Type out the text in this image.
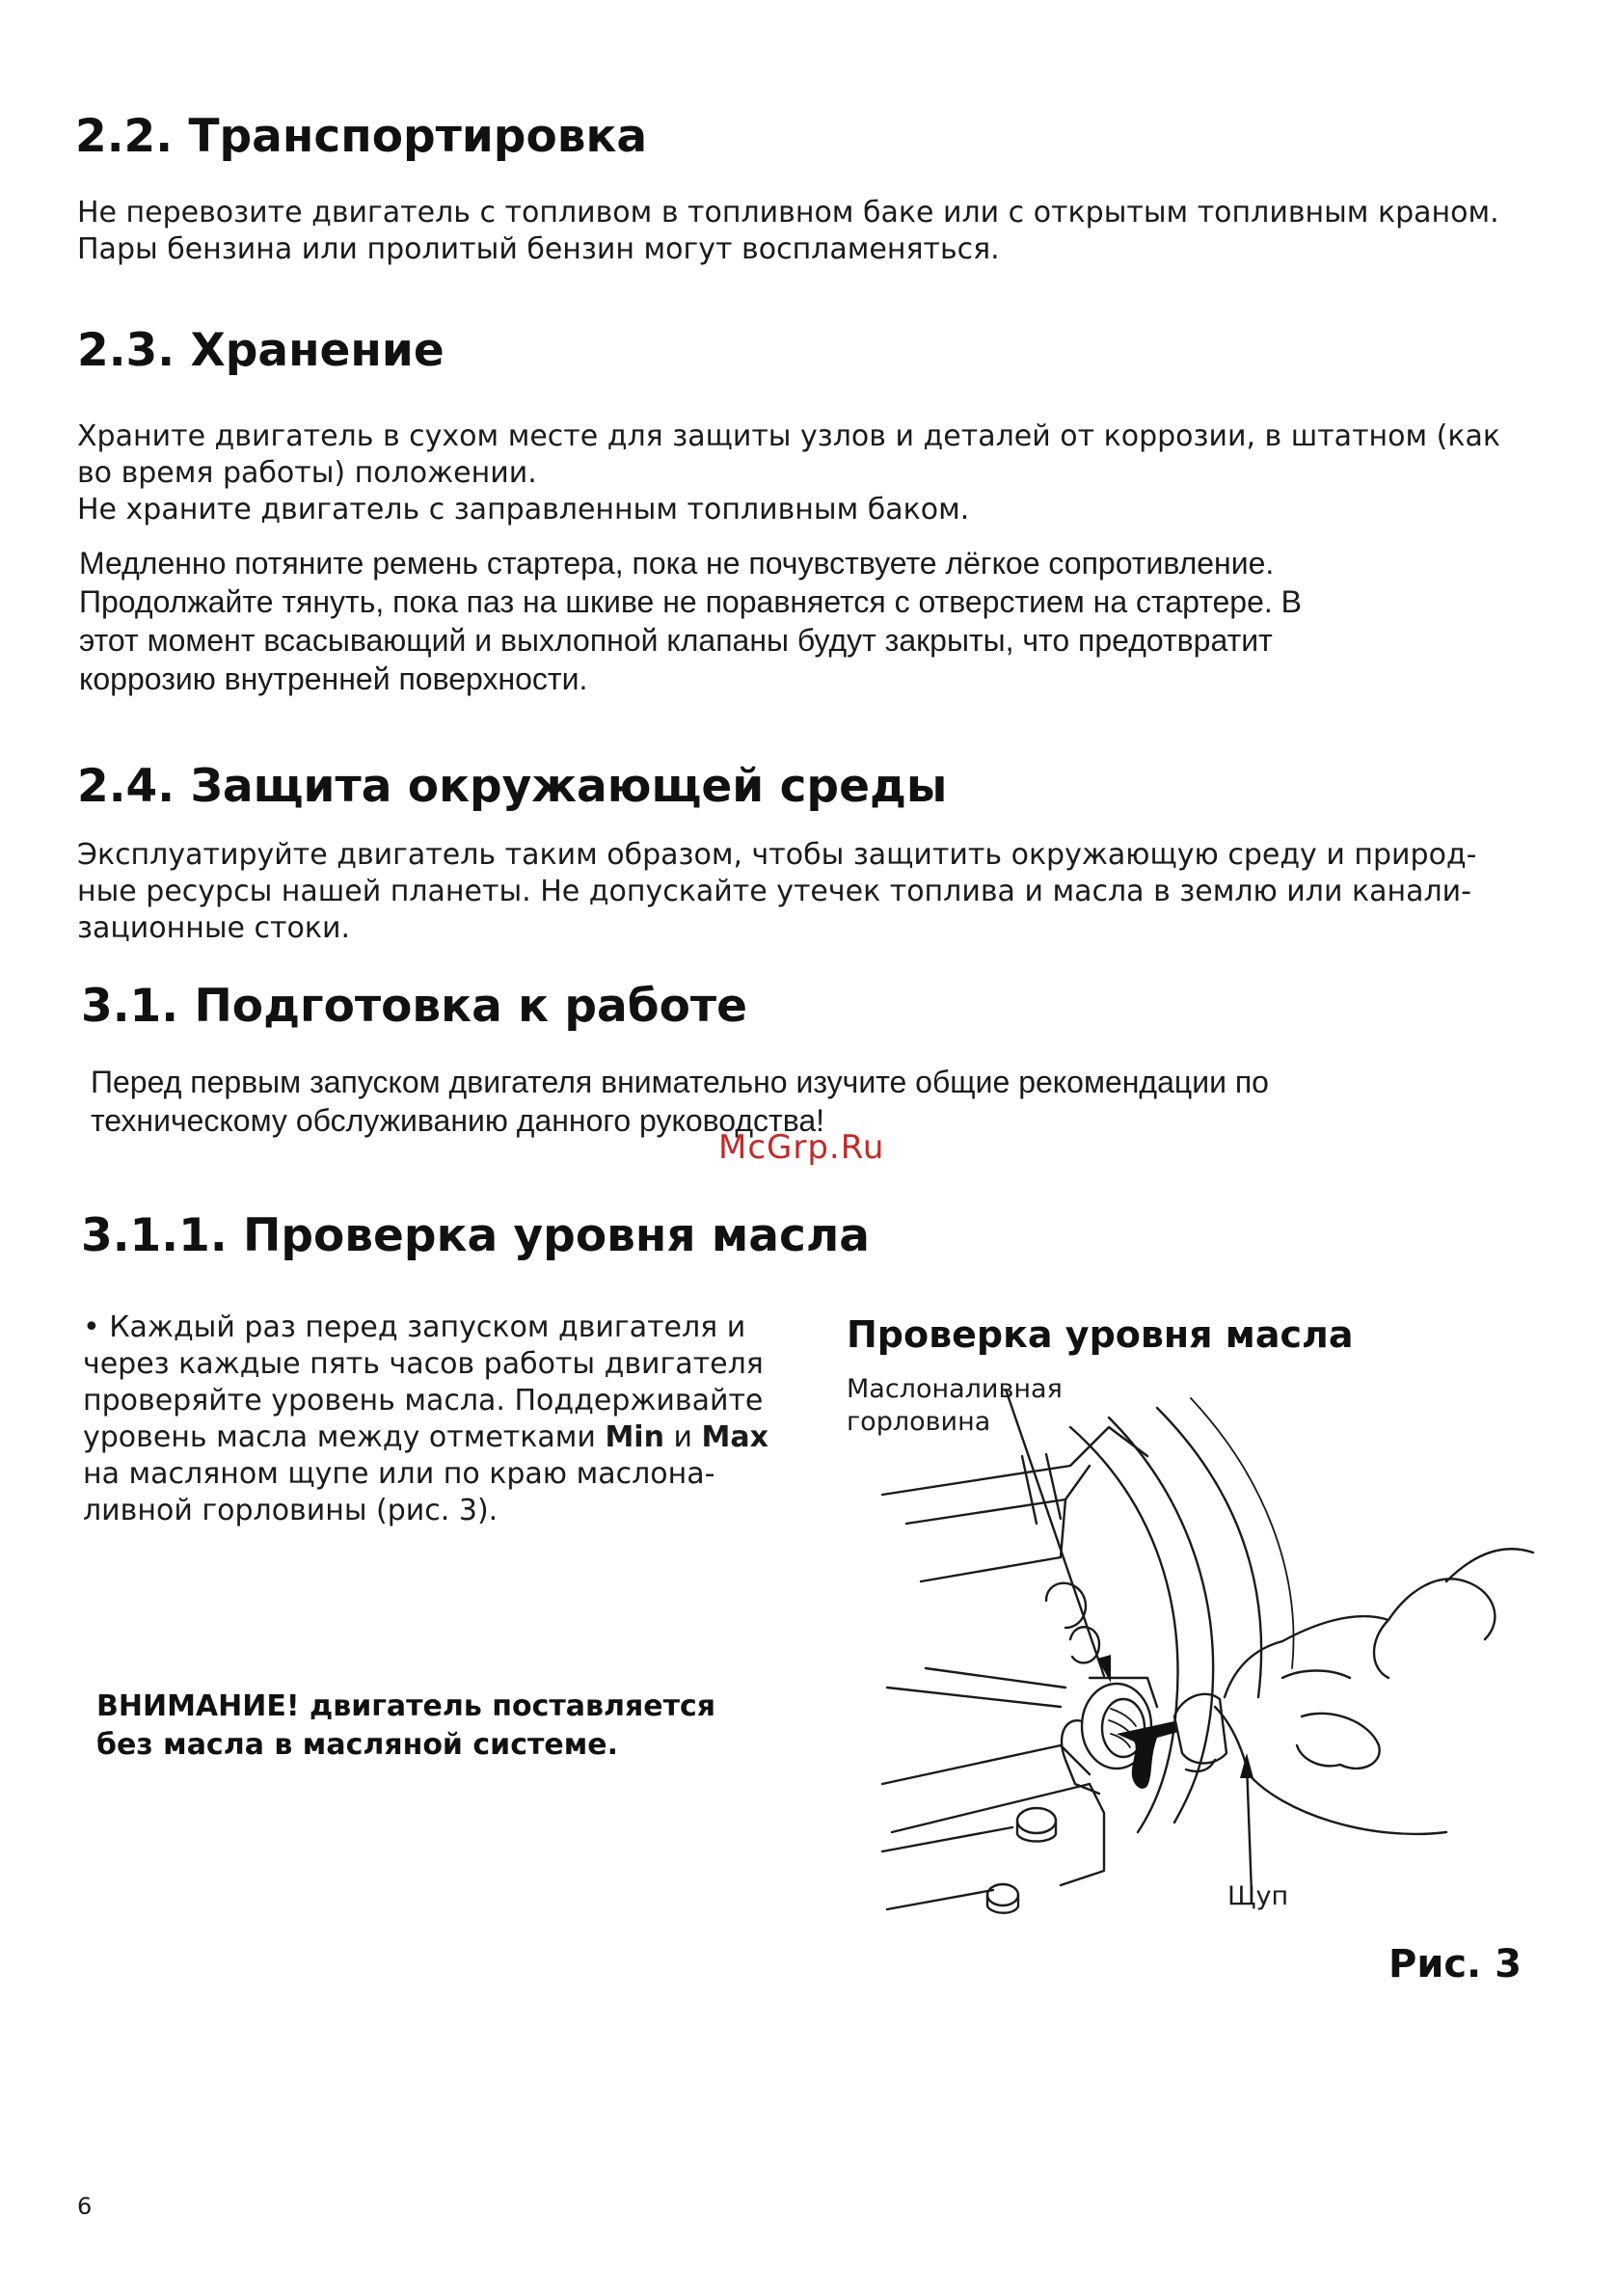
2.2. Транспортировка
Не перевозите двигатель с топливом в топливном баке или с открытым топливным краном.
Пары бензина или пролитый бензин могут воспламеняться.
2.3. Хранение
Храните двигатель в сухом месте для защиты узлов и деталей от коррозии, в штатном (как
во время работы) положении.
Не храните двигатель с заправленным топливным баком.
Медленно потяните ремень стартера, пока не почувствуете лёгкое сопротивление.
Продолжайте тянуть, пока паз на шкиве не поравняется с отверстием на стартере. В
этот момент всасывающий и выхлопной клапаны будут закрыты, что предотвратит
коррозию внутренней поверхности.
2.4. Защита окружающей среды
Эксплуатируйте двигатель таким образом, чтобы защитить окружающую среду и природ-
ные ресурсы нашей планеты. Не допускайте утечек топлива и масла в землю или канали-
зационные стоки.
3.1. Подготовка к работе
Перед первым запуском двигателя внимательно изучите общие рекомендации по
техническому обслуживанию данного руководства!
McGrp.Ru
3.1.1. Проверка уровня масла
• Каждый раз перед запуском двигателя и
через каждые пять часов работы двигателя
проверяйте уровень масла. Поддерживайте
уровень масла между отметками Min и Max
на масляном щупе или по краю маслона-
ливной горловины (рис. 3).
ВНИМАНИЕ! двигатель поставляется
без масла в масляной системе.
Проверка уровня масла
Маслоналивная
горловина
Щуп
Рис. 3
6
